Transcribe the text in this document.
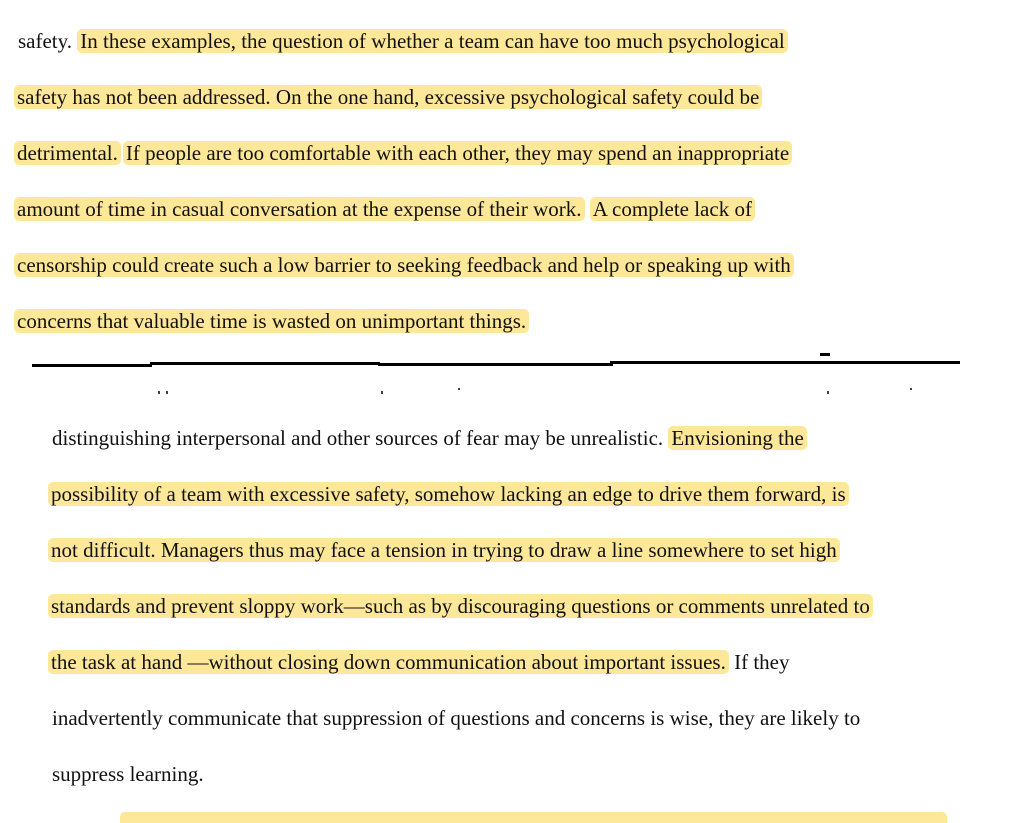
safety. In these examples, the question of whether a team can have too much psychological
safety has not been addressed. On the one hand, excessive psychological safety could be
detrimental. If people are too comfortable with each other, they may spend an inappropriate
amount of time in casual conversation at the expense of their work. A complete lack of
censorship could create such a low barrier to seeking feedback and help or speaking up with
concerns that valuable time is wasted on unimportant things.
distinguishing interpersonal and other sources of fear may be unrealistic. Envisioning the
possibility of a team with excessive safety, somehow lacking an edge to drive them forward, is
not difficult. Managers thus may face a tension in trying to draw a line somewhere to set high
standards and prevent sloppy work—such as by discouraging questions or comments unrelated to
the task at hand —without closing down communication about important issues. If they
inadvertently communicate that suppression of questions and concerns is wise, they are likely to
suppress learning.
